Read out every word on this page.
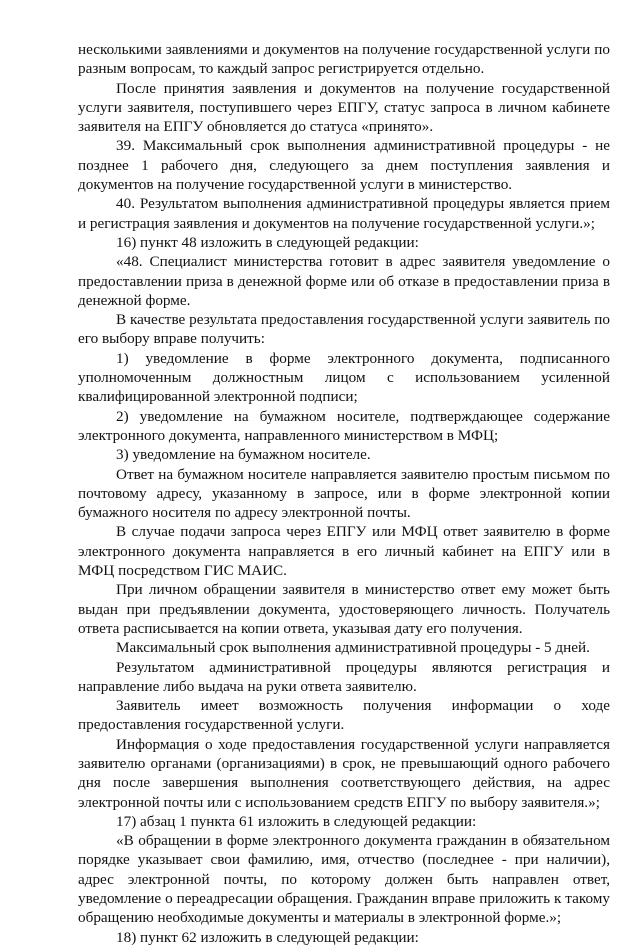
несколькими заявлениями и документов на получение государственной услуги по разным вопросам, то каждый запрос регистрируется отдельно.

После принятия заявления и документов на получение государственной услуги заявителя, поступившего через ЕПГУ, статус запроса в личном кабинете заявителя на ЕПГУ обновляется до статуса «принято».

39. Максимальный срок выполнения административной процедуры - не позднее 1 рабочего дня, следующего за днем поступления заявления и документов на получение государственной услуги в министерство.

40. Результатом выполнения административной процедуры является прием и регистрация заявления и документов на получение государственной услуги.»;

16) пункт 48 изложить в следующей редакции:

«48. Специалист министерства готовит в адрес заявителя уведомление о предоставлении приза в денежной форме или об отказе в предоставлении приза в денежной форме.

В качестве результата предоставления государственной услуги заявитель по его выбору вправе получить:

1) уведомление в форме электронного документа, подписанного уполномоченным должностным лицом с использованием усиленной квалифицированной электронной подписи;

2) уведомление на бумажном носителе, подтверждающее содержание электронного документа, направленного министерством в МФЦ;

3) уведомление на бумажном носителе.

Ответ на бумажном носителе направляется заявителю простым письмом по почтовому адресу, указанному в запросе, или в форме электронной копии бумажного носителя по адресу электронной почты.

В случае подачи запроса через ЕПГУ или МФЦ ответ заявителю в форме электронного документа направляется в его личный кабинет на ЕПГУ или в МФЦ посредством ГИС МАИС.

При личном обращении заявителя в министерство ответ ему может быть выдан при предъявлении документа, удостоверяющего личность. Получатель ответа расписывается на копии ответа, указывая дату его получения.

Максимальный срок выполнения административной процедуры - 5 дней.

Результатом административной процедуры являются регистрация и направление либо выдача на руки ответа заявителю.

Заявитель имеет возможность получения информации о ходе предоставления государственной услуги.

Информация о ходе предоставления государственной услуги направляется заявителю органами (организациями) в срок, не превышающий одного рабочего дня после завершения выполнения соответствующего действия, на адрес электронной почты или с использованием средств ЕПГУ по выбору заявителя.»;

17) абзац 1 пункта 61 изложить в следующей редакции:

«В обращении в форме электронного документа гражданин в обязательном порядке указывает свои фамилию, имя, отчество (последнее - при наличии), адрес электронной почты, по которому должен быть направлен ответ, уведомление о переадресации обращения. Гражданин вправе приложить к такому обращению необходимые документы и материалы в электронной форме.»;

18) пункт 62 изложить в следующей редакции:
